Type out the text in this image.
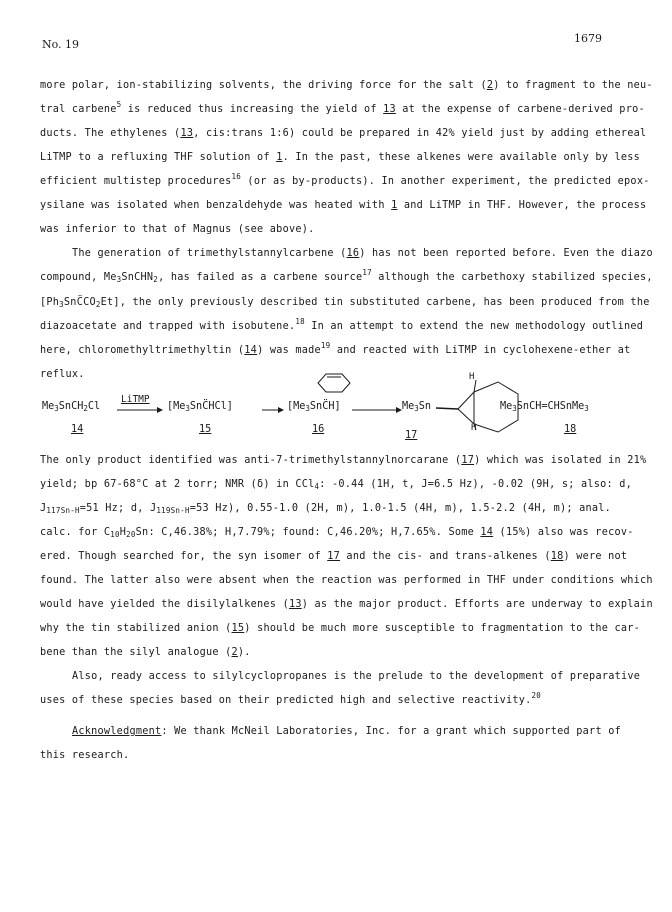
No. 19	1679
more polar, ion-stabilizing solvents, the driving force for the salt (2) to fragment to the neu-
tral carbene$^5$ is reduced thus increasing the yield of 13 at the expense of carbene-derived pro-
ducts. The ethylenes (13, cis:trans 1:6) could be prepared in 42% yield just by adding ethereal
LiTMP to a refluxing THF solution of 1. In the past, these alkenes were available only by less
efficient multistep procedures$^{16}$ (or as by-products). In another experiment, the predicted epox-
ysilane was isolated when benzaldehyde was heated with 1 and LiTMP in THF. However, the process
was inferior to that of Magnus (see above).
The generation of trimethylstannylcarbene (16) has not been reported before. Even the diazo
compound, $Me_3SnCHN_2$, has failed as a carbene source$^{17}$ although the carbethoxy stabilized species,
$[Ph_3SnC̈CO_2Et]$, the only previously described tin substituted carbene, has been produced from the
diazoacetate and trapped with isobutene.$^{18}$ In an attempt to extend the new methodology outlined
here, chloromethyltrimethyltin (14) was made$^{19}$ and reacted with LiTMP in cyclohexene-ether at
reflux.
$Me_3SnCH_2Cl$
LiTMP
→ $[Me_3SnC̈HCl]$ → $[Me_3SnC̈H] \to Me_3Sn$
H
H
$Me_3SnCH=CHSnMe_3$
14	15	16
17
18
The only product identified was anti-7-trimethylstannylnorcarane (17) which was isolated in 21%
yield; bp 67-68°C at 2 torr; NMR (δ) in CCl$_4$: -0.44 (1H, t, J=6.5 Hz), -0.02 (9H, s; also: d,
$J_{117Sn-H}=51$ Hz; d, $J_{119Sn-H}=53$ Hz), 0.55-1.0 (2H, m), 1.0-1.5 (4H, m), 1.5-2.2 (4H, m); anal.
calc. for $C_{10}H_{20}Sn$: C,46.38%; H,7.79%; found: C,46.20%; H,7.65%. Some 14 (15%) also was recov-
ered. Though searched for, the syn isomer of 17 and the cis- and trans-alkenes (18) were not
found. The latter also were absent when the reaction was performed in THF under conditions which
would have yielded the disilylalkenes (13) as the major product. Efforts are underway to explain
why the tin stabilized anion (15) should be much more susceptible to fragmentation to the car-
bene than the silyl analogue (2).
Also, ready access to silylcyclopropanes is the prelude to the development of preparative
uses of these species based on their predicted high and selective reactivity.$^{20}$
Acknowledgment: We thank McNeil Laboratories, Inc. for a grant which supported part of
this research.
